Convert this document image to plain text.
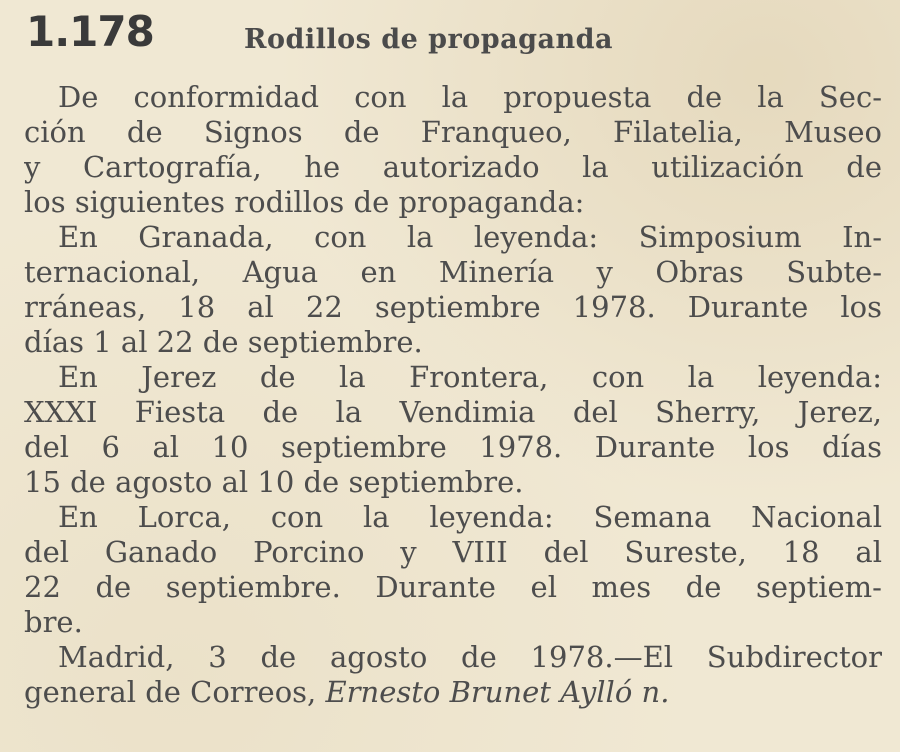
1.178	Rodillos de propaganda
De conformidad con la propuesta de la Sec-
ción de Signos de Franqueo, Filatelia, Museo
y Cartografía, he autorizado la utilización de
los siguientes rodillos de propaganda:
En Granada, con la leyenda: Simposium In-
ternacional, Agua en Minería y Obras Subte-
rráneas, 18 al 22 septiembre 1978. Durante los
días 1 al 22 de septiembre.
En Jerez de la Frontera, con la leyenda:
XXXI Fiesta de la Vendimia del Sherry, Jerez,
del 6 al 10 septiembre 1978. Durante los días
15 de agosto al 10 de septiembre.
En Lorca, con la leyenda: Semana Nacional
del Ganado Porcino y VIII del Sureste, 18 al
22 de septiembre. Durante el mes de septiem-
bre.
Madrid, 3 de agosto de 1978.—El Subdirector
general de Correos, Ernesto Brunet Aylló n.
